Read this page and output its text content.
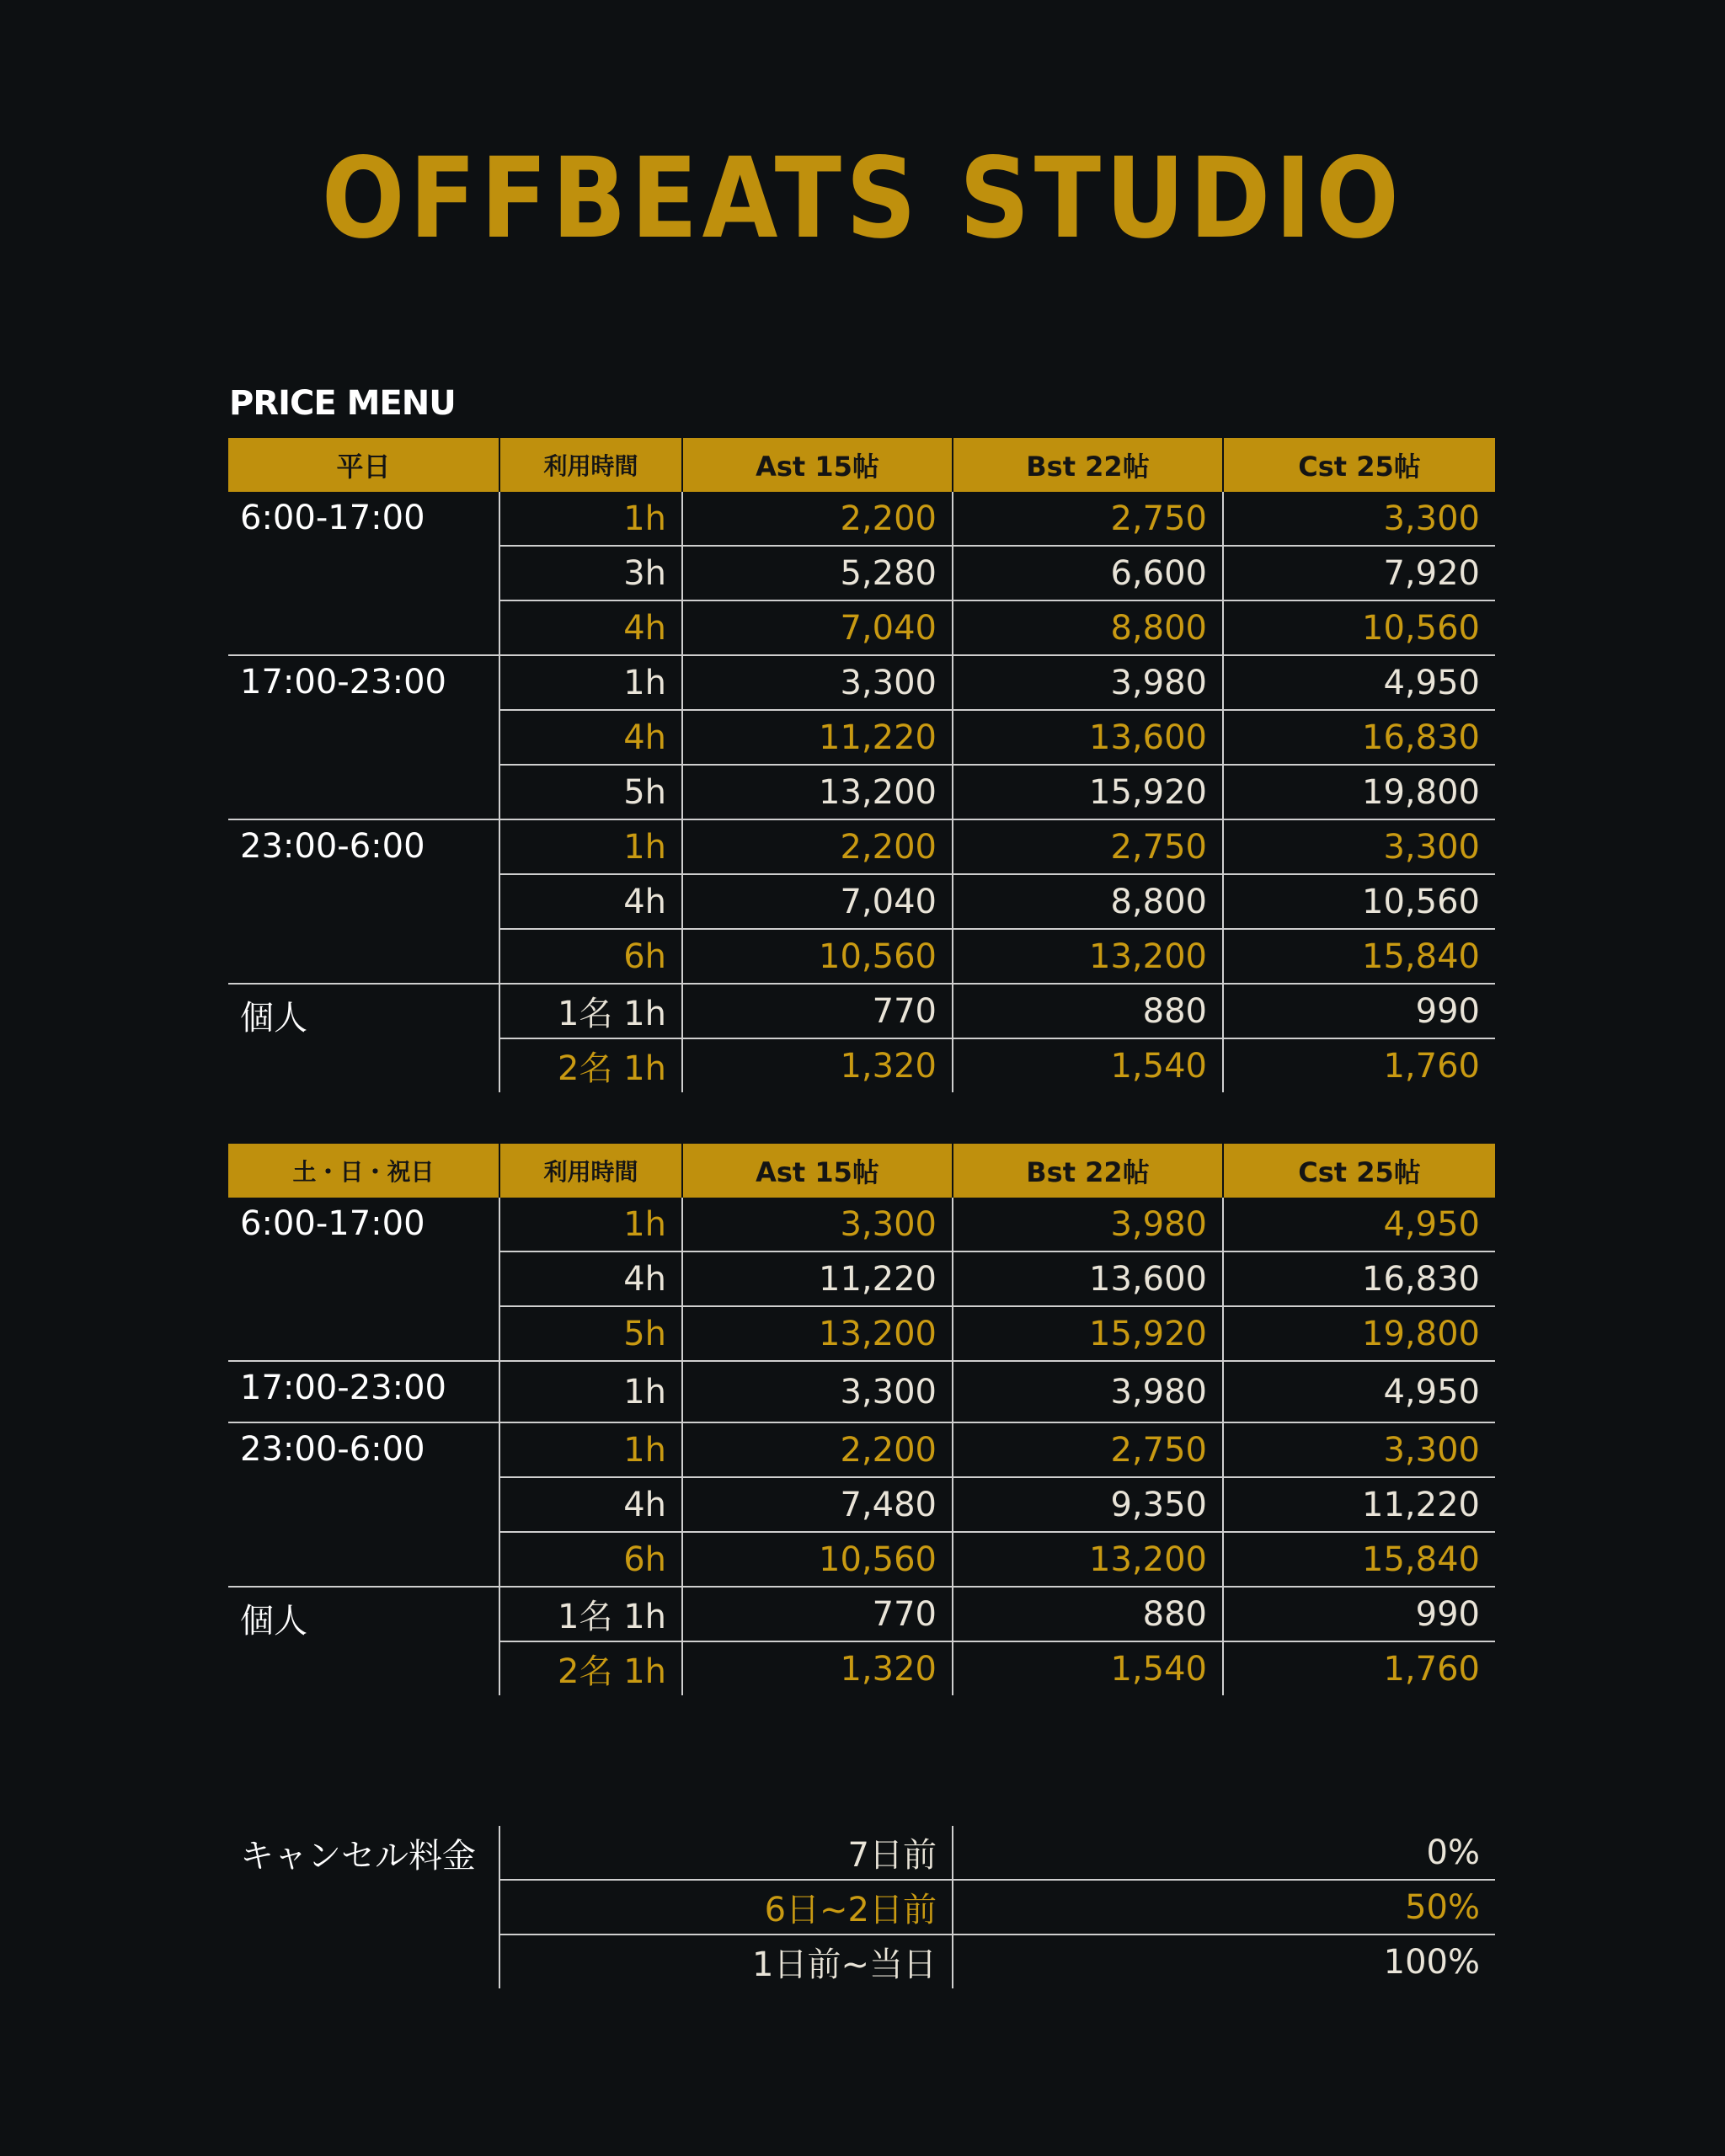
OFFBEATS STUDIO
PRICE MENU
平日	利用時間	Ast 15帖	Bst 22帖	Cst 25帖
6:00-17:00	1h	2,200	2,750	3,300
	3h	5,280	6,600	7,920
	4h	7,040	8,800	10,560
17:00-23:00	1h	3,300	3,980	4,950
	4h	11,220	13,600	16,830
	5h	13,200	15,920	19,800
23:00-6:00	1h	2,200	2,750	3,300
	4h	7,040	8,800	10,560
	6h	10,560	13,200	15,840
個人	1名 1h	770	880	990
	2名 1h	1,320	1,540	1,760
土・日・祝日	利用時間	Ast 15帖	Bst 22帖	Cst 25帖
6:00-17:00	1h	3,300	3,980	4,950
	4h	11,220	13,600	16,830
	5h	13,200	15,920	19,800
17:00-23:00	1h	3,300	3,980	4,950
23:00-6:00	1h	2,200	2,750	3,300
	4h	7,480	9,350	11,220
	6h	10,560	13,200	15,840
個人	1名 1h	770	880	990
	2名 1h	1,320	1,540	1,760
キャンセル料金	7日前	0%
	6日~2日前	50%
	1日前~当日	100%
